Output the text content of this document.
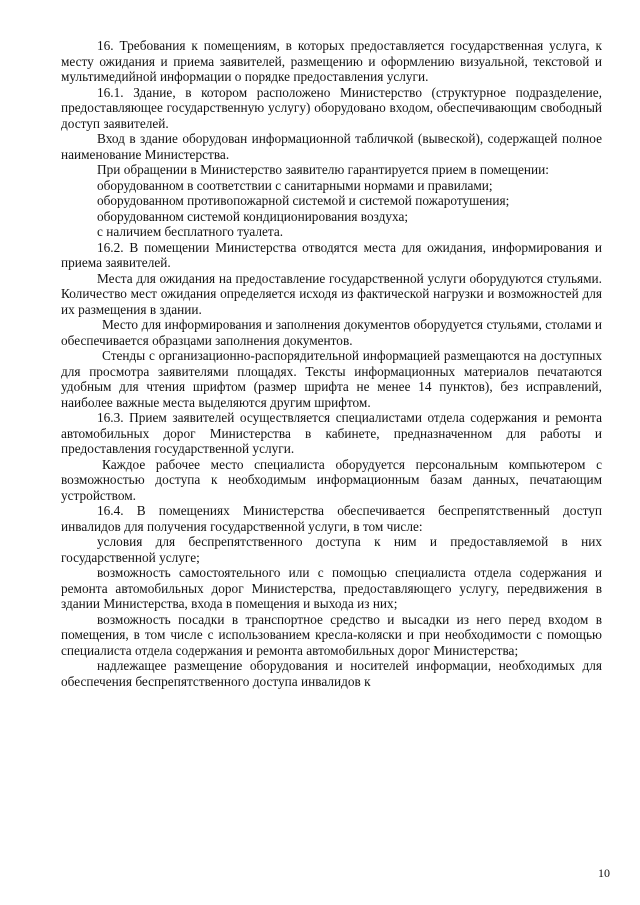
16. Требования к помещениям, в которых предоставляется государственная услуга, к месту ожидания и приема заявителей, размещению и оформлению визуальной, текстовой и мультимедийной информации о порядке предоставления услуги.

16.1. Здание, в котором расположено Министерство (структурное подразделение, предоставляющее государственную услугу) оборудовано входом, обеспечивающим свободный доступ заявителей.

Вход в здание оборудован информационной табличкой (вывеской), содержащей полное наименование Министерства.

При обращении в Министерство заявителю гарантируется прием в помещении:

оборудованном в соответствии с санитарными нормами и правилами;

оборудованном противопожарной системой и системой пожаротушения;

оборудованном системой кондиционирования воздуха;

с наличием бесплатного туалета.

16.2. В помещении Министерства отводятся места для ожидания, информирования и приема заявителей.

Места для ожидания на предоставление государственной услуги оборудуются стульями. Количество мест ожидания определяется исходя из фактической нагрузки и возможностей для их размещения в здании.

Место для информирования и заполнения документов оборудуется стульями, столами и обеспечивается образцами заполнения документов.

Стенды с организационно-распорядительной информацией размещаются на доступных для просмотра заявителями площадях. Тексты информационных материалов печатаются удобным для чтения шрифтом (размер шрифта не менее 14 пунктов), без исправлений, наиболее важные места выделяются другим шрифтом.

16.3. Прием заявителей осуществляется специалистами отдела содержания и ремонта автомобильных дорог Министерства в кабинете, предназначенном для работы и предоставления государственной услуги.

Каждое рабочее место специалиста оборудуется персональным компьютером с возможностью доступа к необходимым информационным базам данных, печатающим устройством.

16.4. В помещениях Министерства обеспечивается беспрепятственный доступ инвалидов для получения государственной услуги, в том числе:

условия для беспрепятственного доступа к ним и предоставляемой в них государственной услуге;

возможность самостоятельного или с помощью специалиста отдела содержания и ремонта автомобильных дорог Министерства, предоставляющего услугу, передвижения в здании Министерства, входа в помещения и выхода из них;

возможность посадки в транспортное средство и высадки из него перед входом в помещения, в том числе с использованием кресла-коляски и при необходимости с помощью специалиста отдела содержания и ремонта автомобильных дорог Министерства;

надлежащее размещение оборудования и носителей информации, необходимых для обеспечения беспрепятственного доступа инвалидов к

10
